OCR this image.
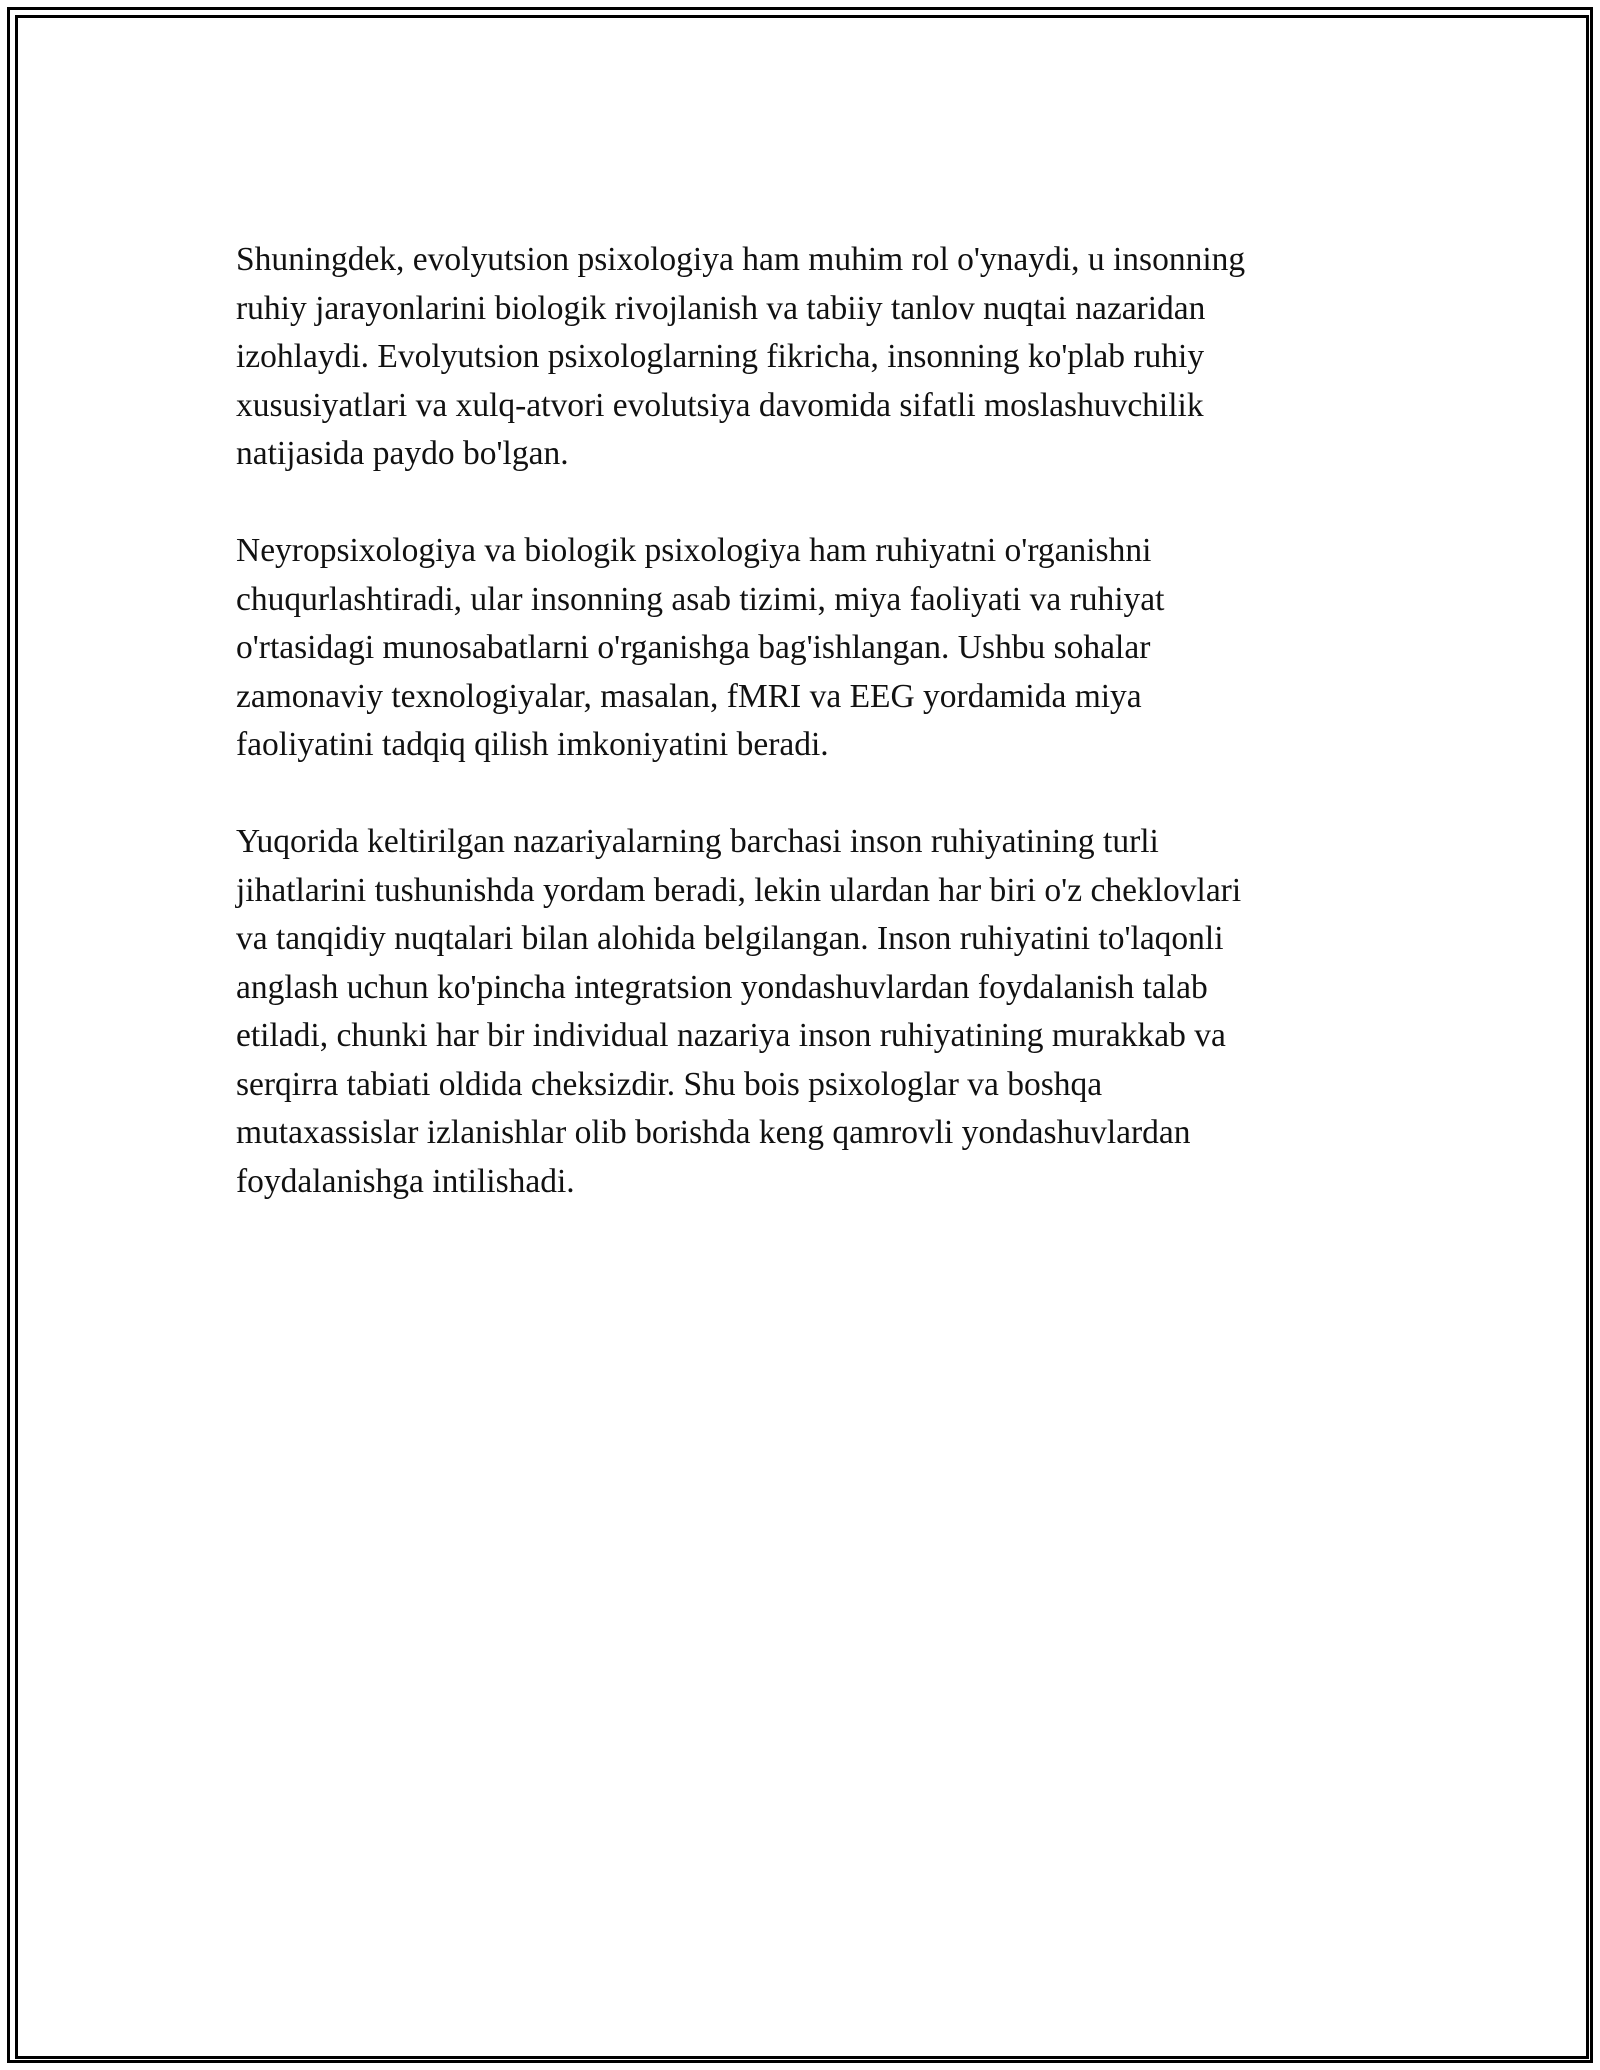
Shuningdek, evolyutsion psixologiya ham muhim rol o'ynaydi, u insonning
ruhiy jarayonlarini biologik rivojlanish va tabiiy tanlov nuqtai nazaridan
izohlaydi. Evolyutsion psixologlarning fikricha, insonning ko'plab ruhiy
xususiyatlari va xulq-atvori evolutsiya davomida sifatli moslashuvchilik
natijasida paydo bo'lgan.

Neyropsixologiya va biologik psixologiya ham ruhiyatni o'rganishni
chuqurlashtiradi, ular insonning asab tizimi, miya faoliyati va ruhiyat
o'rtasidagi munosabatlarni o'rganishga bag'ishlangan. Ushbu sohalar
zamonaviy texnologiyalar, masalan, fMRI va EEG yordamida miya
faoliyatini tadqiq qilish imkoniyatini beradi.

Yuqorida keltirilgan nazariyalarning barchasi inson ruhiyatining turli
jihatlarini tushunishda yordam beradi, lekin ulardan har biri o'z cheklovlari
va tanqidiy nuqtalari bilan alohida belgilangan. Inson ruhiyatini to'laqonli
anglash uchun ko'pincha integratsion yondashuvlardan foydalanish talab
etiladi, chunki har bir individual nazariya inson ruhiyatining murakkab va
serqirra tabiati oldida cheksizdir. Shu bois psixologlar va boshqa
mutaxassislar izlanishlar olib borishda keng qamrovli yondashuvlardan
foydalanishga intilishadi.
